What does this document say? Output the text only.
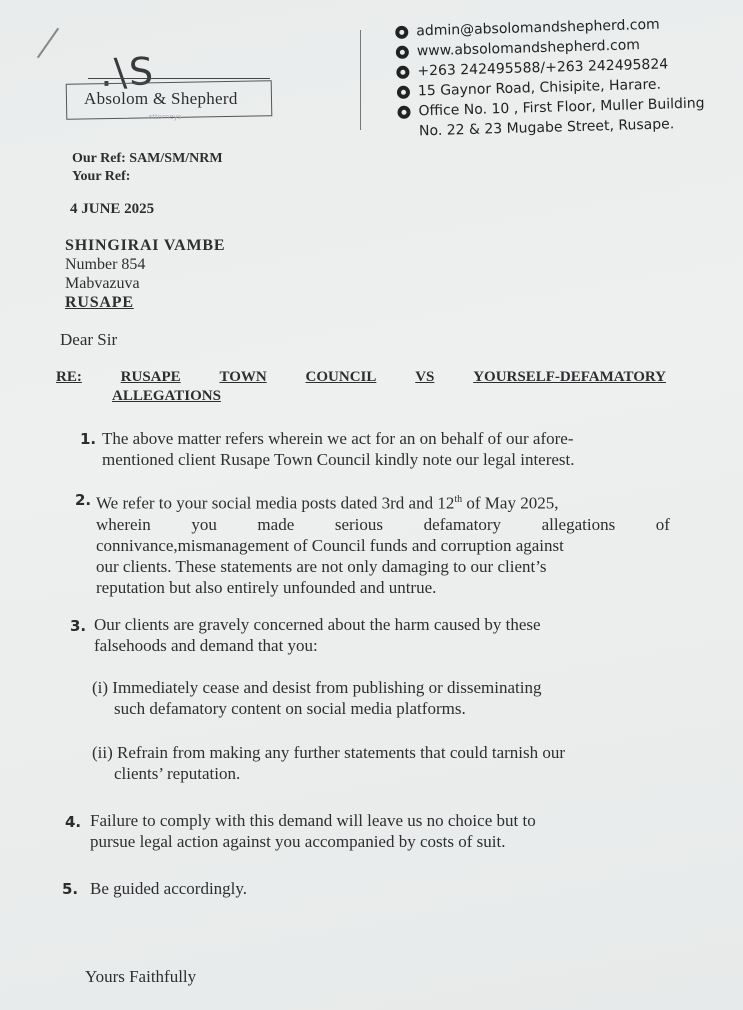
.\S
Absolom & Shepherd
attorneys
admin@absolomandshepherd.com
www.absolomandshepherd.com
+263 242495588/+263 242495824
15 Gaynor Road, Chisipite, Harare.
Office No. 10 , First Floor, Muller Building
No. 22 & 23 Mugabe Street, Rusape.
Our Ref: SAM/SM/NRM
Your Ref:
4 JUNE 2025
SHINGIRAI VAMBE
Number 854
Mabvazuva
RUSAPE
Dear Sir
RE:	RUSAPE	TOWN	COUNCIL	VS	YOURSELF-DEFAMATORY
ALLEGATIONS
1. The above matter refers wherein we act for an on behalf of our afore-
mentioned client Rusape Town Council kindly note our legal interest.
2. We refer to your social media posts dated 3rd and 12th of May 2025,
wherein you made serious defamatory allegations of
connivance,mismanagement of Council funds and corruption against
our clients. These statements are not only damaging to our client’s
reputation but also entirely unfounded and untrue.
3. Our clients are gravely concerned about the harm caused by these
falsehoods and demand that you:
(i) Immediately cease and desist from publishing or disseminating
such defamatory content on social media platforms.
(ii) Refrain from making any further statements that could tarnish our
clients’ reputation.
4. Failure to comply with this demand will leave us no choice but to
pursue legal action against you accompanied by costs of suit.
5. Be guided accordingly.
Yours Faithfully
